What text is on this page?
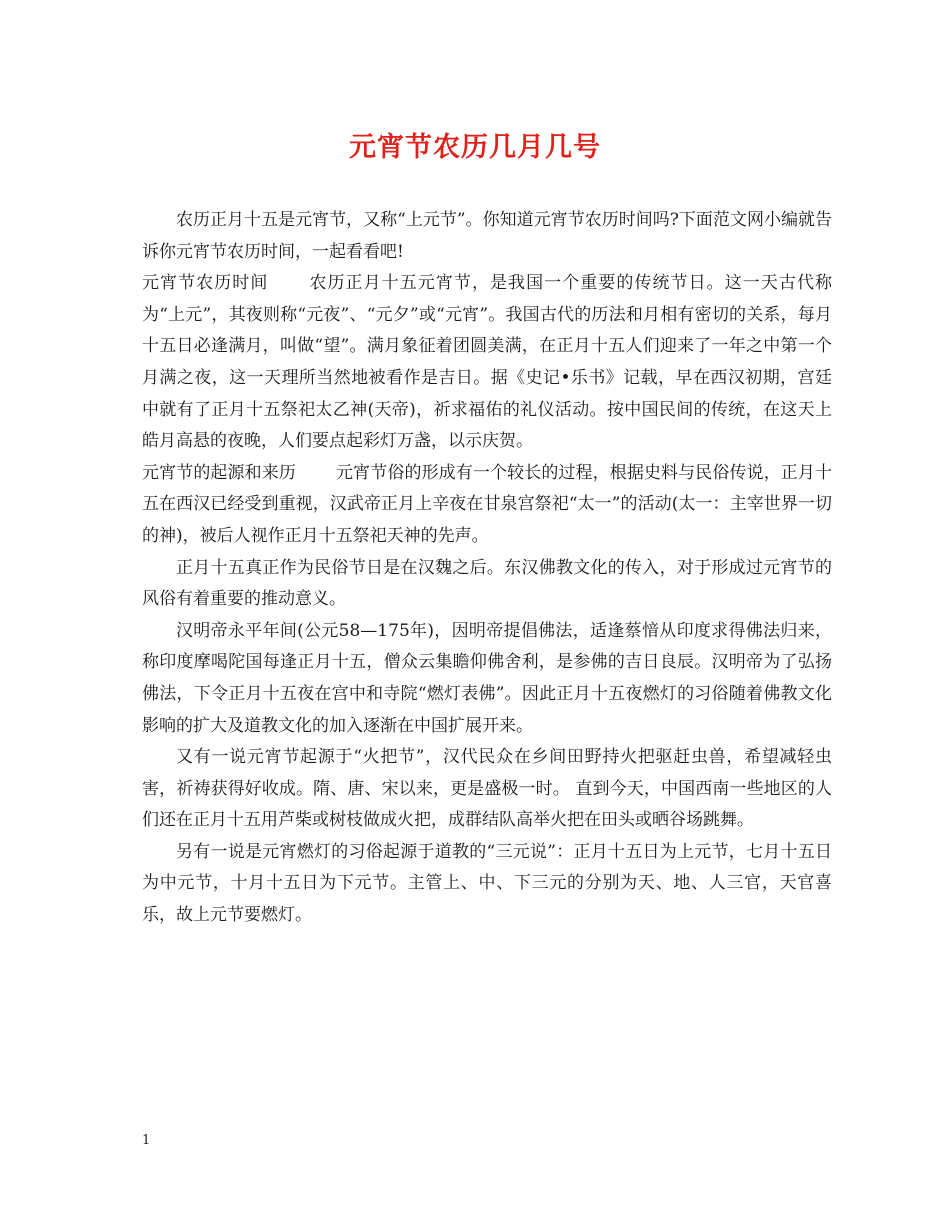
元宵节农历几月几号

农历正月十五是元宵节，又称“上元节”。你知道元宵节农历时间吗?下面范文网小编就告诉你元宵节农历时间，一起看看吧!

元宵节农历时间 农历正月十五元宵节，是我国一个重要的传统节日。这一天古代称为“上元”，其夜则称“元夜”、“元夕”或“元宵”。我国古代的历法和月相有密切的关系，每月十五日必逢满月，叫做“望”。满月象征着团圆美满，在正月十五人们迎来了一年之中第一个月满之夜，这一天理所当然地被看作是吉日。据《史记•乐书》记载，早在西汉初期，宫廷中就有了正月十五祭祀太乙神(天帝)，祈求福佑的礼仪活动。按中国民间的传统，在这天上皓月高悬的夜晚，人们要点起彩灯万盏，以示庆贺。

元宵节的起源和来历 元宵节俗的形成有一个较长的过程，根据史料与民俗传说，正月十五在西汉已经受到重视，汉武帝正月上辛夜在甘泉宫祭祀“太一”的活动(太一：主宰世界一切的神)，被后人视作正月十五祭祀天神的先声。

正月十五真正作为民俗节日是在汉魏之后。东汉佛教文化的传入，对于形成过元宵节的风俗有着重要的推动意义。

汉明帝永平年间(公元58—175年)，因明帝提倡佛法，适逢蔡愔从印度求得佛法归来，称印度摩喝陀国每逢正月十五，僧众云集瞻仰佛舍利，是参佛的吉日良辰。汉明帝为了弘扬佛法，下令正月十五夜在宫中和寺院“燃灯表佛”。因此正月十五夜燃灯的习俗随着佛教文化影响的扩大及道教文化的加入逐渐在中国扩展开来。

又有一说元宵节起源于“火把节”，汉代民众在乡间田野持火把驱赶虫兽，希望减轻虫害，祈祷获得好收成。隋、唐、宋以来，更是盛极一时。 直到今天，中国西南一些地区的人们还在正月十五用芦柴或树枝做成火把，成群结队高举火把在田头或晒谷场跳舞。

另有一说是元宵燃灯的习俗起源于道教的“三元说”：正月十五日为上元节，七月十五日为中元节，十月十五日为下元节。主管上、中、下三元的分别为天、地、人三官，天官喜乐，故上元节要燃灯。

1
